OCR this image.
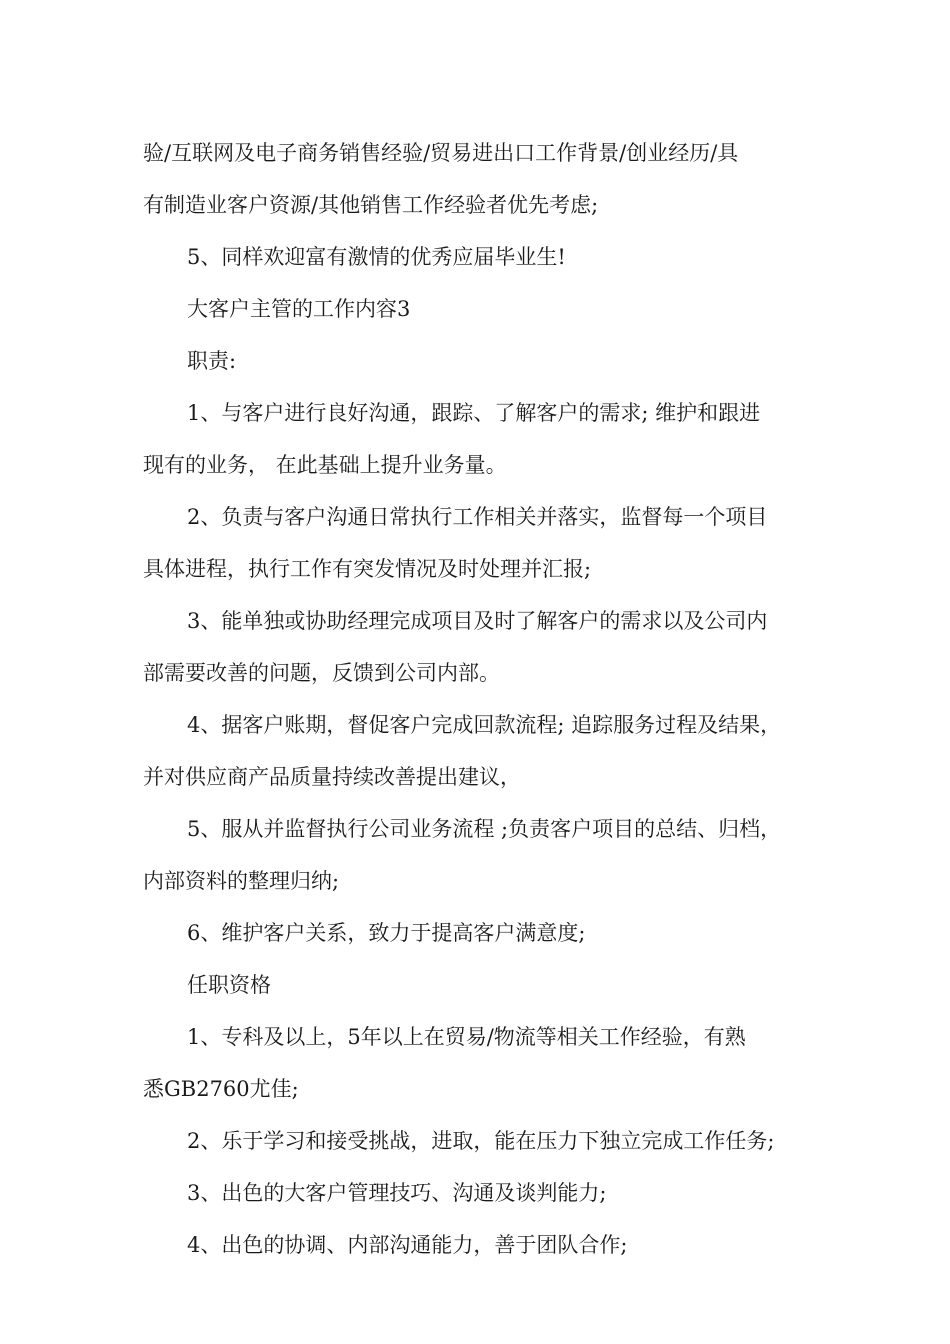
验/互联网及电子商务销售经验/贸易进出口工作背景/创业经历/具
有制造业客户资源/其他销售工作经验者优先考虑;
5、同样欢迎富有激情的优秀应届毕业生!
大客户主管的工作内容3
职责:
1、与客户进行良好沟通，跟踪、了解客户的需求; 维护和跟进
现有的业务， 在此基础上提升业务量。
2、负责与客户沟通日常执行工作相关并落实，监督每一个项目
具体进程，执行工作有突发情况及时处理并汇报;
3、能单独或协助经理完成项目及时了解客户的需求以及公司内
部需要改善的问题，反馈到公司内部。
4、据客户账期，督促客户完成回款流程; 追踪服务过程及结果，
并对供应商产品质量持续改善提出建议，
5、服从并监督执行公司业务流程 ;负责客户项目的总结、归档，
内部资料的整理归纳;
6、维护客户关系，致力于提高客户满意度;
任职资格
1、专科及以上，5年以上在贸易/物流等相关工作经验，有熟
悉GB2760尤佳;
2、乐于学习和接受挑战，进取，能在压力下独立完成工作任务;
3、出色的大客户管理技巧、沟通及谈判能力;
4、出色的协调、内部沟通能力，善于团队合作;
